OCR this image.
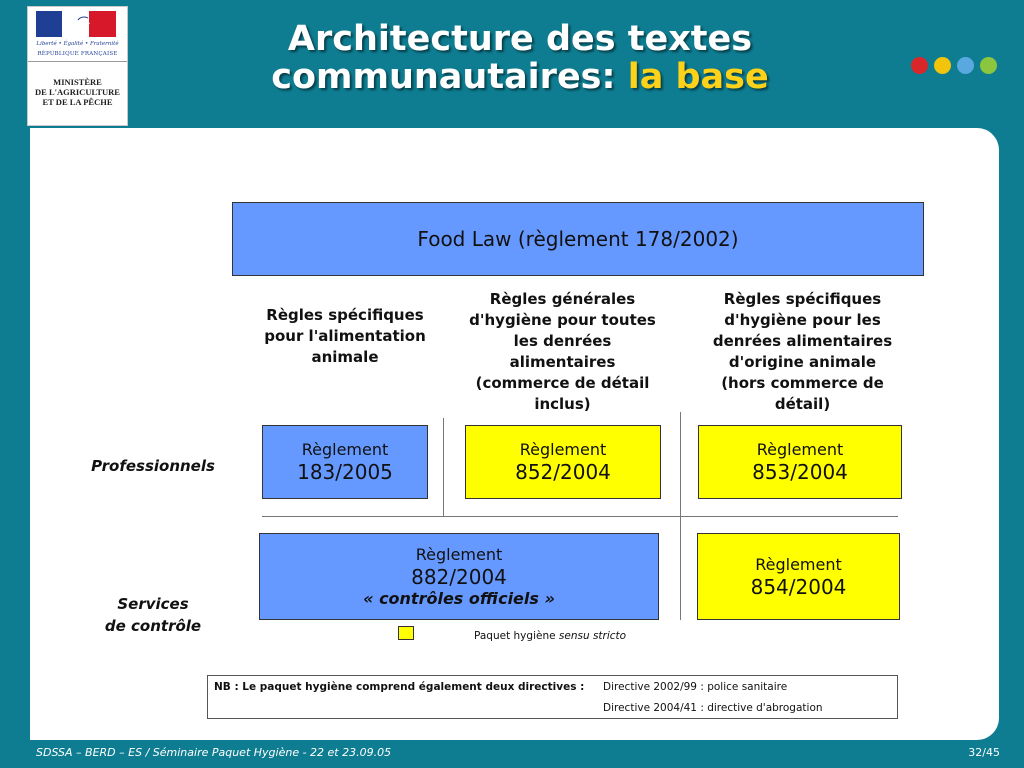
Liberté • Égalité • Fraternité
RÉPUBLIQUE FRANÇAISE
MINISTÈRE
DE L'AGRICULTURE
ET DE LA PÊCHE
Architecture des textes
communautaires: la base
Food Law (règlement 178/2002)
Règles spécifiques
pour l'alimentation
animale
Règles générales
d'hygiène pour toutes
les denrées
alimentaires
(commerce de détail
inclus)
Règles spécifiques
d'hygiène pour les
denrées alimentaires
d'origine animale
(hors commerce de
détail)
Professionnels
Services
de contrôle
Règlement
183/2005
Règlement
852/2004
Règlement
853/2004
Règlement
882/2004
« contrôles officiels »
Règlement
854/2004
Paquet hygiène sensu stricto
NB : Le paquet hygiène comprend également deux directives : Directive 2002/99 : police sanitaire
Directive 2004/41 : directive d'abrogation
SDSSA – BERD – ES / Séminaire Paquet Hygiène - 22 et 23.09.05	32/45
